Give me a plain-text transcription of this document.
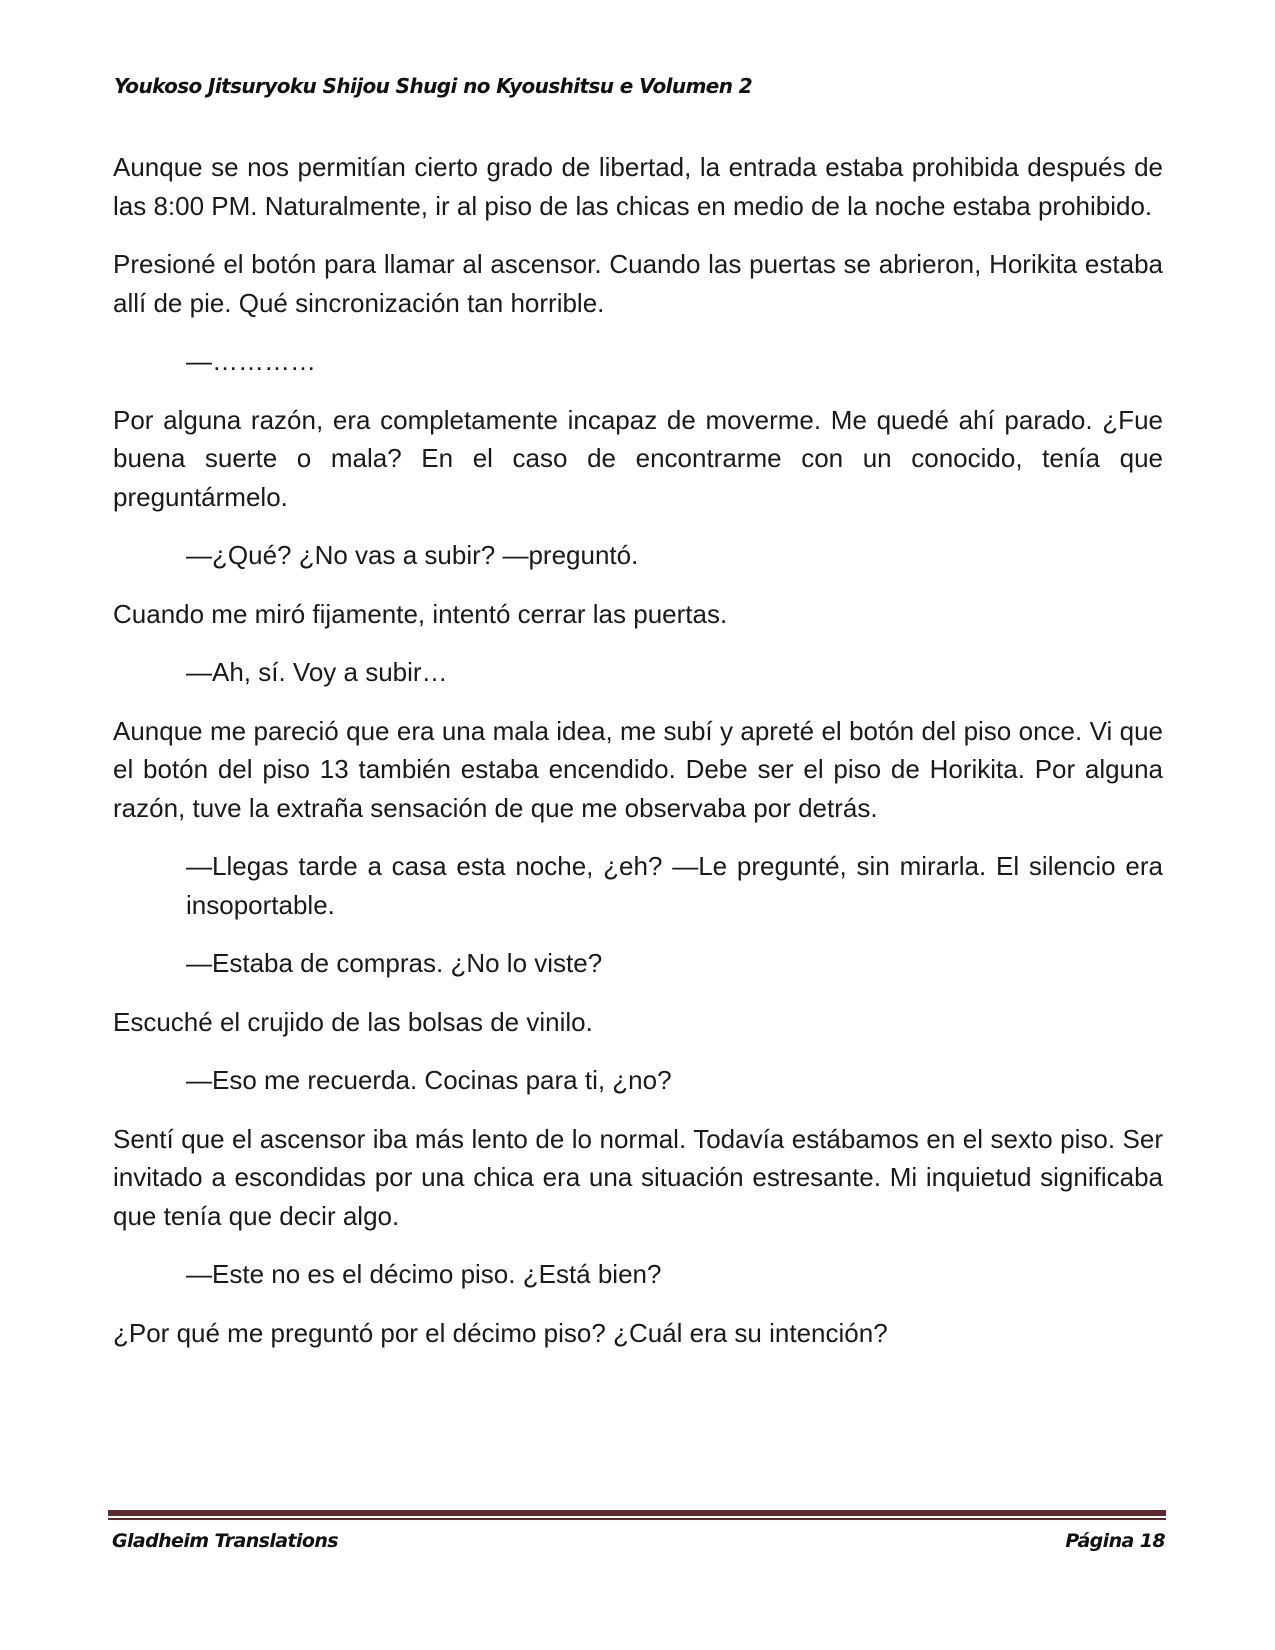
Youkoso Jitsuryoku Shijou Shugi no Kyoushitsu e Volumen 2

Aunque se nos permitían cierto grado de libertad, la entrada estaba prohibida después de las 8:00 PM. Naturalmente, ir al piso de las chicas en medio de la noche estaba prohibido.

Presioné el botón para llamar al ascensor. Cuando las puertas se abrieron, Horikita estaba allí de pie. Qué sincronización tan horrible.

—…………

Por alguna razón, era completamente incapaz de moverme. Me quedé ahí parado. ¿Fue buena suerte o mala? En el caso de encontrarme con un conocido, tenía que preguntármelo.

—¿Qué? ¿No vas a subir? —preguntó.

Cuando me miró fijamente, intentó cerrar las puertas.

—Ah, sí. Voy a subir…

Aunque me pareció que era una mala idea, me subí y apreté el botón del piso once. Vi que el botón del piso 13 también estaba encendido. Debe ser el piso de Horikita. Por alguna razón, tuve la extraña sensación de que me observaba por detrás.

—Llegas tarde a casa esta noche, ¿eh? —Le pregunté, sin mirarla. El silencio era insoportable.

—Estaba de compras. ¿No lo viste?

Escuché el crujido de las bolsas de vinilo.

—Eso me recuerda. Cocinas para ti, ¿no?

Sentí que el ascensor iba más lento de lo normal. Todavía estábamos en el sexto piso. Ser invitado a escondidas por una chica era una situación estresante. Mi inquietud significaba que tenía que decir algo.

—Este no es el décimo piso. ¿Está bien?

¿Por qué me preguntó por el décimo piso? ¿Cuál era su intención?

Gladheim Translations	Página 18
